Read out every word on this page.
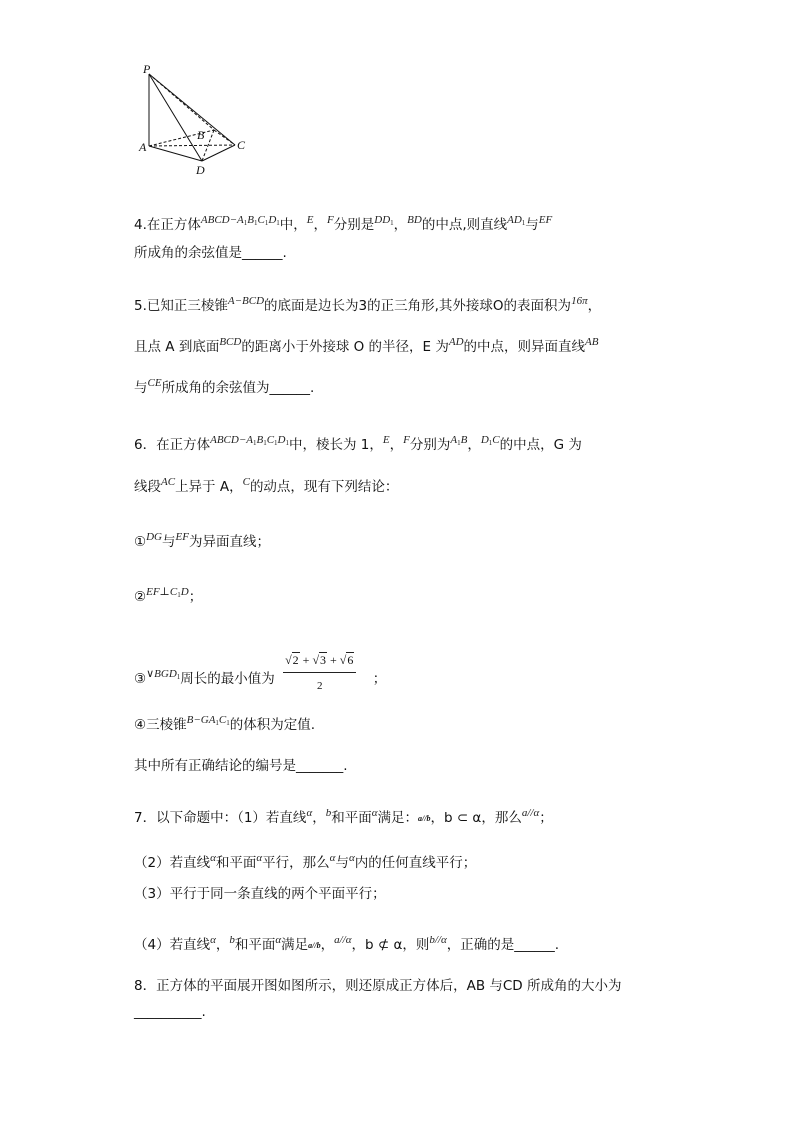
P
A
B
C
D
4.在正方体$^{ABCD-A_1B_1C_1D_1}$中，$^E$，$^F$分别是$^{DD_1}$，$^{BD}$的中点,则直线$^{AD_1}$与$^{EF}$
所成角的余弦值是______.
5.已知正三棱锥$^{A-BCD}$的底面是边长为3的正三角形,其外接球O的表面积为$^{16\pi}$，
且点 A 到底面$^{BCD}$的距离小于外接球 O 的半径，E 为$^{AD}$的中点，则异面直线$^{AB}$
与$^{CE}$所成角的余弦值为______.
6．在正方体$^{ABCD-A_1B_1C_1D_1}$中，棱长为 1，$^E$，$^F$分别为$^{A_1B}$，$^{D_1C}$的中点，G 为
线段$^{AC}$上异于 A，$^C$的动点，现有下列结论：
①$^{DG}$与$^{EF}$为异面直线；
②$^{EF\perp C_1D}$；
③$^{\vee BGD_1}$周长的最小值为 $\frac{√2 + √3 + √6}{2}$ ；
④三棱锥$^{B-GA_1C_1}$的体积为定值.
其中所有正确结论的编号是_______.
7．以下命题中：（1）若直线$^\alpha$，$^b$和平面$^\alpha$满足：a//b，b ⊂ α，那么$^{a//\alpha}$；
（2）若直线$^\alpha$和平面$^\alpha$平行，那么$^\alpha$与$^\alpha$内的任何直线平行；
（3）平行于同一条直线的两个平面平行；
（4）若直线$^\alpha$，$^b$和平面$^\alpha$满足a//b，$^{a//\alpha}$，b ⊄ α，则$^{b//\alpha}$，正确的是______.
8．正方体的平面展开图如图所示，则还原成正方体后，AB 与CD 所成角的大小为
__________.
